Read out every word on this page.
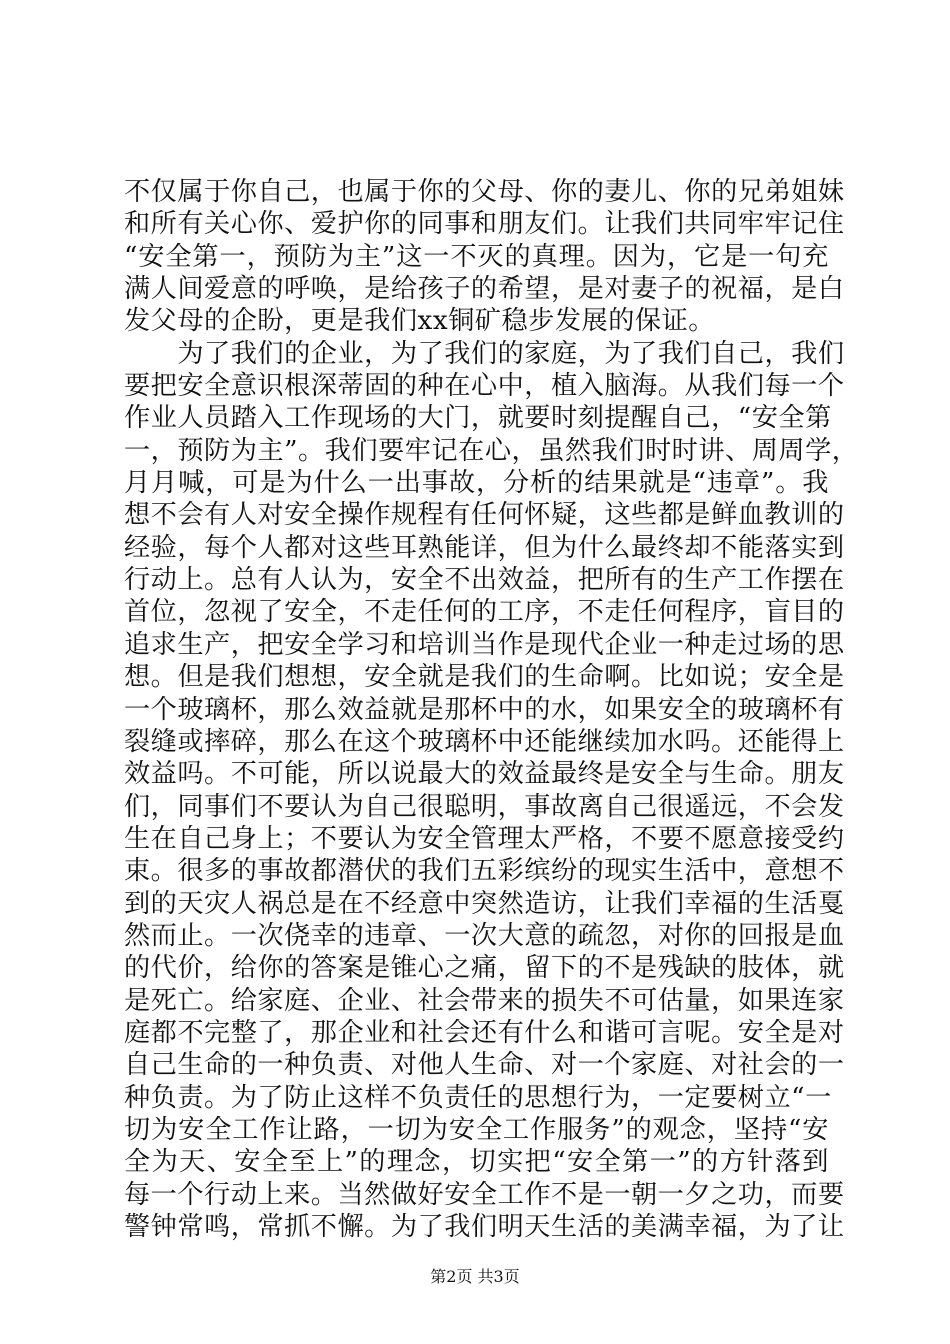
不仅属于你自己，也属于你的父母、你的妻儿、你的兄弟姐妹
和所有关心你、爱护你的同事和朋友们。让我们共同牢牢记住
“安全第一，预防为主”这一不灭的真理。因为，它是一句充
满人间爱意的呼唤，是给孩子的希望，是对妻子的祝福，是白
发父母的企盼，更是我们xx铜矿稳步发展的保证。
　　为了我们的企业，为了我们的家庭，为了我们自己，我们
要把安全意识根深蒂固的种在心中，植入脑海。从我们每一个
作业人员踏入工作现场的大门，就要时刻提醒自己，“安全第
一，预防为主”。我们要牢记在心，虽然我们时时讲、周周学，
月月喊，可是为什么一出事故，分析的结果就是“违章”。我
想不会有人对安全操作规程有任何怀疑，这些都是鲜血教训的
经验，每个人都对这些耳熟能详，但为什么最终却不能落实到
行动上。总有人认为，安全不出效益，把所有的生产工作摆在
首位，忽视了安全，不走任何的工序，不走任何程序，盲目的
追求生产，把安全学习和培训当作是现代企业一种走过场的思
想。但是我们想想，安全就是我们的生命啊。比如说；安全是
一个玻璃杯，那么效益就是那杯中的水，如果安全的玻璃杯有
裂缝或摔碎，那么在这个玻璃杯中还能继续加水吗。还能得上
效益吗。不可能，所以说最大的效益最终是安全与生命。朋友
们，同事们不要认为自己很聪明，事故离自己很遥远，不会发
生在自己身上；不要认为安全管理太严格，不要不愿意接受约
束。很多的事故都潜伏的我们五彩缤纷的现实生活中，意想不
到的天灾人祸总是在不经意中突然造访，让我们幸福的生活戛
然而止。一次侥幸的违章、一次大意的疏忽，对你的回报是血
的代价，给你的答案是锥心之痛，留下的不是残缺的肢体，就
是死亡。给家庭、企业、社会带来的损失不可估量，如果连家
庭都不完整了，那企业和社会还有什么和谐可言呢。安全是对
自己生命的一种负责、对他人生命、对一个家庭、对社会的一
种负责。为了防止这样不负责任的思想行为，一定要树立“一
切为安全工作让路，一切为安全工作服务”的观念，坚持“安
全为天、安全至上”的理念，切实把“安全第一”的方针落到
每一个行动上来。当然做好安全工作不是一朝一夕之功，而要
警钟常鸣，常抓不懈。为了我们明天生活的美满幸福，为了让
第2页 共3页
